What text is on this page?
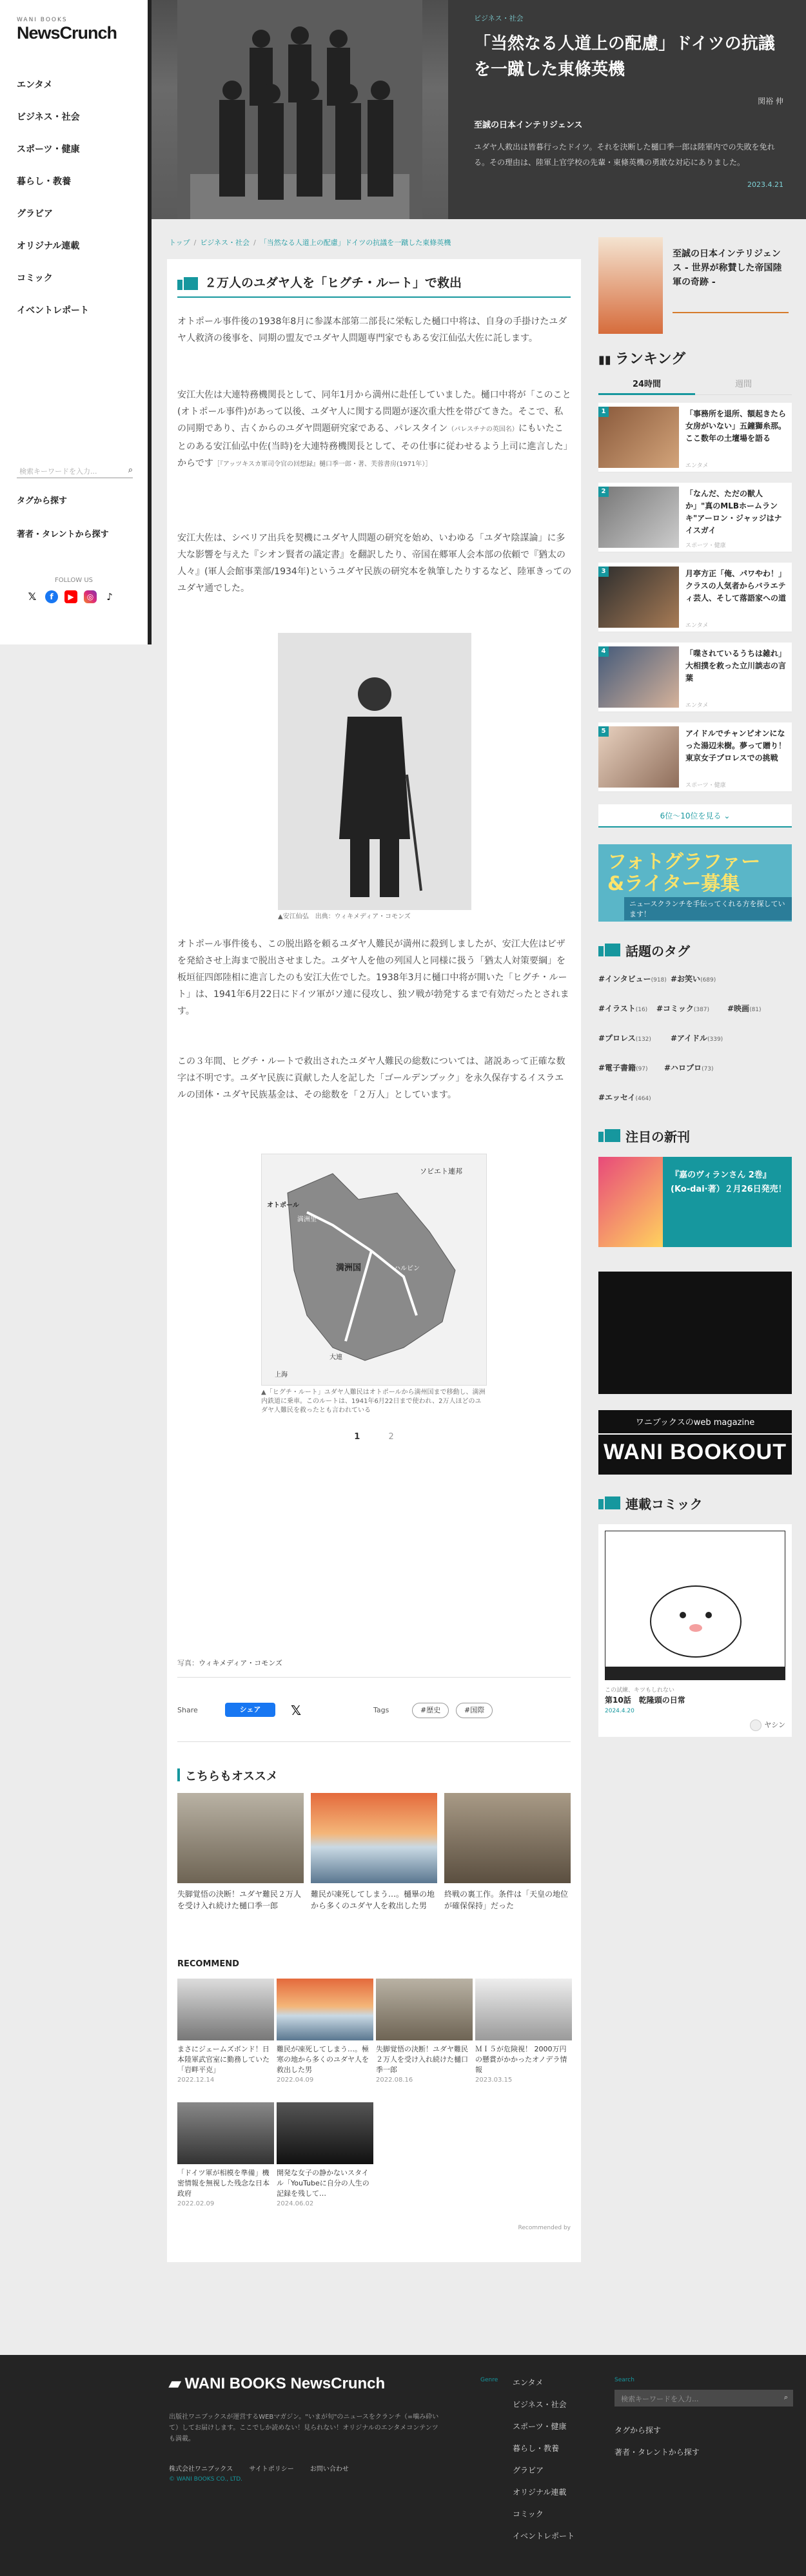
WANI BOOKS
NewsCrunch
エンタメ
ビジネス・社会
スポーツ・健康
暮らし・教養
グラビア
オリジナル連載
コミック
イベントレポート
検索キーワードを入力...	⌕
タグから探す
著者・タレントから探す
FOLLOW US
𝕏	f	▶	◎	♪
ビジネス・社会
「当然なる人道上の配慮」ドイツの抗議を一蹴した東條英機
関裕 伸
至誠の日本インテリジェンス
ユダヤ人救出は皆暮行ったドイツ。それを決断した樋口季一郎は陸軍内での失敗を免れる。その理由は、陸軍上官学校の先輩・東條英機の勇敢な対応にありました。
2023.4.21
トップ / ビジネス・社会 / 「当然なる人道上の配慮」ドイツの抗議を一蹴した東條英機
２万人のユダヤ人を「ヒグチ・ルート」で救出
オトポール事件後の1938年8月に参謀本部第二部長に栄転した樋口中将は、自身の手掛けたユダヤ人救済の後事を、同期の盟友でユダヤ人問題専門家でもある安江仙弘大佐に託します。
安江大佐は大連特務機関長として、同年1月から満州に赴任していました。樋口中将が「このこと(オトポール事件)があって以後、ユダヤ人に関する問題が逐次重大性を帯びてきた。そこで、私の同期であり、古くからのユダヤ問題研究家である、パレスタイン（パレスチナの英国名）にもいたことのある安江仙弘中佐(当時)を大連特務機関長として、その仕事に従わせるよう上司に進言した」からです［『アッツキスカ軍司令官の回想録』樋口季一郎・著、芙蓉書房(1971年）］
安江大佐は、シベリア出兵を契機にユダヤ人問題の研究を始め、いわゆる「ユダヤ陰謀論」に多大な影響を与えた『シオン賢者の議定書』を翻訳したり、帝国在郷軍人会本部の依頼で『猶太の人々』(軍人会館事業部/1934年)というユダヤ民族の研究本を執筆したりするなど、陸軍きってのユダヤ通でした。
▲安江仙弘　出典：ウィキメディア・コモンズ
オトポール事件後も、この脱出路を頼るユダヤ人難民が満州に殺到しましたが、安江大佐はビザを発給させ上海まで脱出させました。ユダヤ人を他の列国人と同様に扱う「猶太人対策要綱」を板垣征四郎陸相に進言したのも安江大佐でした。1938年3月に樋口中将が開いた「ヒグチ・ルート」は、1941年6月22日にドイツ軍がソ連に侵攻し、独ソ戦が勃発するまで有効だったとされます。
この３年間、ヒグチ・ルートで救出されたユダヤ人難民の総数については、諸説あって正確な数字は不明です。ユダヤ民族に貢献した人を記した「ゴールデンブック」を永久保存するイスラエルの団体・ユダヤ民族基金は、その総数を「２万人」としています。
ソビエト連邦
オトポール
満洲里
満洲国	ハルビン
大連
上海
▲「ヒグチ・ルート」ユダヤ人難民はオトポールから満州国まで移動し、満洲内鉄道に乗車。このルートは、1941年6月22日まで使われ、2万人ほどのユダヤ人難民を救ったとも言われている
1	2
写真：ウィキメディア・コモンズ
Share	シェア	𝕏	Tags	#歴史	#国際
こちらもオススメ
失脚覚悟の決断！ユダヤ難民２万人を受け入れ続けた樋口季一郎
難民が凍死してしまう…。樋畢の地から多くのユダヤ人を救出した男
終戦の裏工作。条件は「天皇の地位が確保保持」だった
RECOMMEND
まさにジェームズボンド！日本陸軍武官室に勤務していた「岩畔平克」
2022.12.14
難民が凍死してしまう…。極寒の地から多くのユダヤ人を救出した男
2022.04.09
失脚覚悟の決断！ユダヤ難民２万人を受け入れ続けた樋口季一郎
2022.08.16
ＭＩ５が危険視！ 2000万円の懸賞がかかったオノデラ情報
2023.03.15
「ドイツ軍が相模を準備」機密情報を無視した残念な日本政府
2022.02.09
開発な女子の静かないスタイル「YouTubeに自分の人生の記録を残して…
2024.06.02
Recommended by
至誠の日本インテリジェンス - 世界が称賛した帝国陸軍の奇跡 -
▮▮ ランキング
24時間	週間
1	「事務所を退所、額起きたら女房がいない」五鐘獅糸那。ここ数年の土壇場を語る
エンタメ
2	「なんだ、ただの獣人か」"真のMLBホームランキ"アーロン・ジャッジはナイスガイ
スポーツ・健康
3	月亭方正「俺、パワやわ！」クラスの人気者からバラエティ芸人、そして落語家への道
エンタメ
4	「喋されているうちは雑れ」大相撲を救った立川談志の言葉
エンタメ
5	アイドルでチャンピオンになった湯辺未樹。夢って贈り！ 東京女子プロレスでの挑戦
スポーツ・健康
6位〜10位を見る ⌄
フォトグラファー
&ライター募集
ニュースクランチを手伝ってくれる方を探しています！
話題のタグ
#インタビュー(918) #お笑い(689)
#イラスト(16) #コミック(387) #映画(81)
#プロレス(132)	#アイドル(339)
#電子書籍(97) #ハロプロ(73)
#エッセイ(464)
注目の新刊
『嘉のヴィランさん 2巻』(Ko-dai·著）２月26日発売！
ワニブックスのweb magazine
WANI BOOKOUT
連載コミック
この試練、キツもしれない
第10話　乾隆頭の日常
2024.4.20
ヤシン
▰ WANI BOOKS NewsCrunch
出版社ワニブックスが運営するWEBマガジン。"いまが旬"のニュースをクランチ（=噛み砕いて）してお届けします。ここでしか読めない！見られない！オリジナルのエンタメコンテンツも満載。
株式会社ワニブックス	サイトポリシー	お問い合わせ
© WANI BOOKS CO., LTD.
Genre エンタメ
ビジネス・社会
スポーツ・健康
暮らし・教養
グラビア
オリジナル連載
コミック
イベントレポート
Search
検索キーワードを入力...	⌕
タグから探す
著者・タレントから探す
